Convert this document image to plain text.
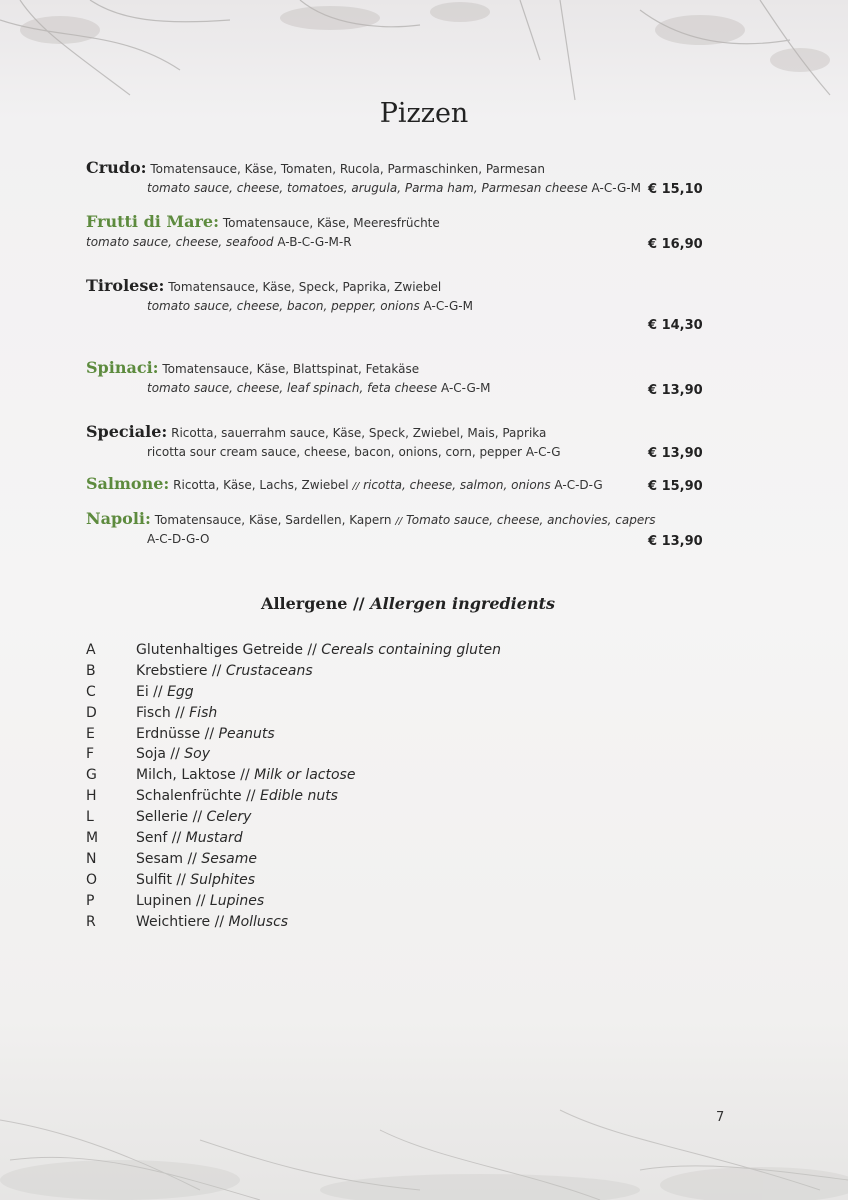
Pizzen
Crudo: Tomatensauce, Käse, Tomaten, Rucola, Parmaschinken, Parmesan
tomato sauce, cheese, tomatoes, arugula, Parma ham, Parmesan cheese A-C-G-M € 15,10
Frutti di Mare: Tomatensauce, Käse, Meeresfrüchte
tomato sauce, cheese, seafood A-B-C-G-M-R	€ 16,90
Tirolese: Tomatensauce, Käse, Speck, Paprika, Zwiebel
tomato sauce, cheese, bacon, pepper, onions A-C-G-M
€ 14,30
Spinaci: Tomatensauce, Käse, Blattspinat, Fetakäse
tomato sauce, cheese, leaf spinach, feta cheese A-C-G-M	€ 13,90
Speciale: Ricotta, sauerrahm sauce, Käse, Speck, Zwiebel, Mais, Paprika
ricotta sour cream sauce, cheese, bacon, onions, corn, pepper A-C-G	€ 13,90
Salmone: Ricotta, Käse, Lachs, Zwiebel // ricotta, cheese, salmon, onions A-C-D-G	€ 15,90
Napoli: Tomatensauce, Käse, Sardellen, Kapern // Tomato sauce, cheese, anchovies, capers
A-C-D-G-O	€ 13,90
Allergene // Allergen ingredients
A	Glutenhaltiges Getreide // Cereals containing gluten
B	Krebstiere // Crustaceans
C	Ei // Egg
D	Fisch // Fish
E	Erdnüsse // Peanuts
F	Soja // Soy
G	Milch, Laktose // Milk or lactose
H	Schalenfrüchte // Edible nuts
L	Sellerie // Celery
M	Senf // Mustard
N	Sesam // Sesame
O	Sulfit // Sulphites
P	Lupinen // Lupines
R	Weichtiere // Molluscs
7
